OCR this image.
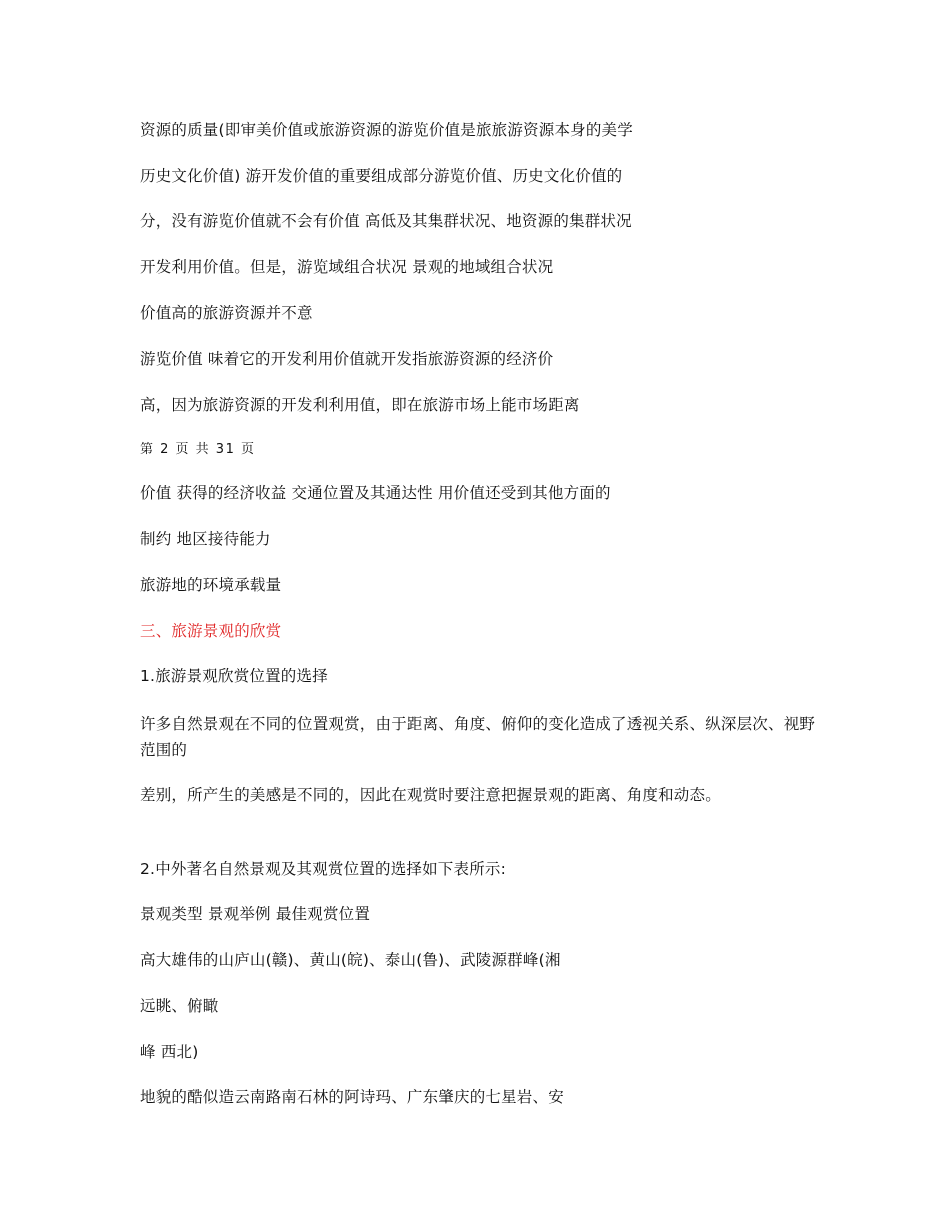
资源的质量(即审美价值或旅游资源的游览价值是旅旅游资源本身的美学
历史文化价值) 游开发价值的重要组成部分游览价值、历史文化价值的
分，没有游览价值就不会有价值 高低及其集群状况、地资源的集群状况
开发利用价值。但是，游览域组合状况 景观的地域组合状况
价值高的旅游资源并不意
游览价值 味着它的开发利用价值就开发指旅游资源的经济价
高，因为旅游资源的开发利利用值，即在旅游市场上能市场距离
第 2 页 共 31 页
价值 获得的经济收益 交通位置及其通达性 用价值还受到其他方面的
制约 地区接待能力
旅游地的环境承载量
三、旅游景观的欣赏
1.旅游景观欣赏位置的选择
许多自然景观在不同的位置观赏，由于距离、角度、俯仰的变化造成了透视关系、纵深层次、视野范围的
差别，所产生的美感是不同的，因此在观赏时要注意把握景观的距离、角度和动态。
2.中外著名自然景观及其观赏位置的选择如下表所示:
景观类型 景观举例 最佳观赏位置
高大雄伟的山庐山(赣)、黄山(皖)、泰山(鲁)、武陵源群峰(湘
远眺、俯瞰
峰 西北)
地貌的酷似造云南路南石林的阿诗玛、广东肇庆的七星岩、安
